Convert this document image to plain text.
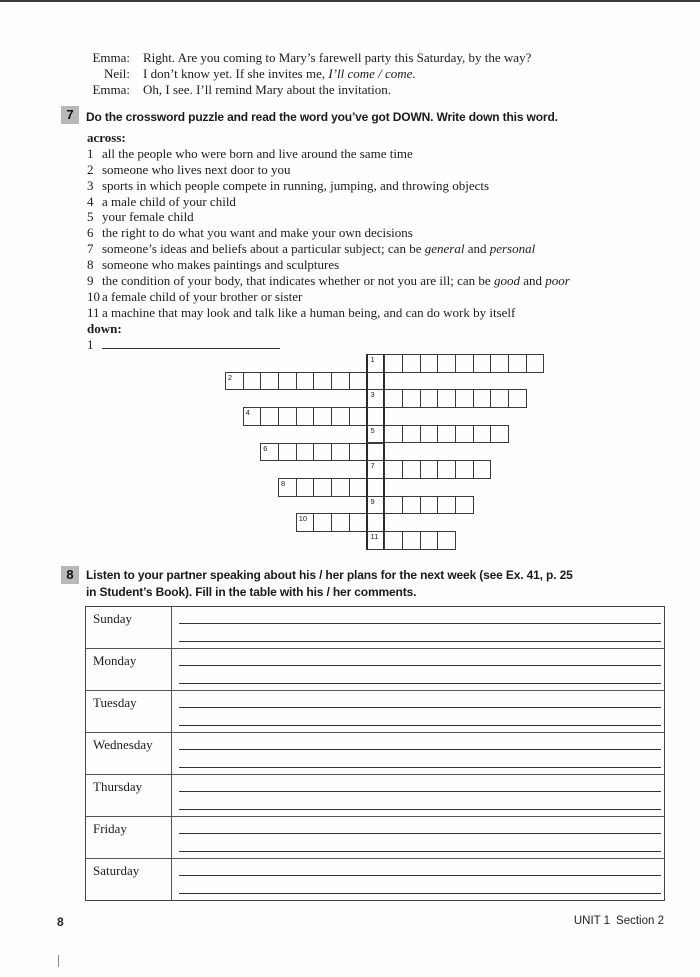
Emma: Right. Are you coming to Mary’s farewell party this Saturday, by the way?
Neil: I don’t know yet. If she invites me, I’ll come / come.
Emma: Oh, I see. I’ll remind Mary about the invitation.
7	Do the crossword puzzle and read the word you’ve got DOWN. Write down this word.
across:
1 all the people who were born and live around the same time
2 someone who lives next door to you
3 sports in which people compete in running, jumping, and throwing objects
4 a male child of your child
5 your female child
6 the right to do what you want and make your own decisions
7 someone’s ideas and beliefs about a particular subject; can be general and personal
8 someone who makes paintings and sculptures
9 the condition of your body, that indicates whether or not you are ill; can be good and poor
10 a female child of your brother or sister
11 a machine that may look and talk like a human being, and can do work by itself
down:
1
1
2
3
4
5
6
7
8
9
10
11
8	Listen to your partner speaking about his / her plans for the next week (see Ex. 41, p. 25
in Student’s Book). Fill in the table with his / her comments.
Sunday
Monday
Tuesday
Wednesday
Thursday
Friday
Saturday
8	UNIT 1 Section 2
